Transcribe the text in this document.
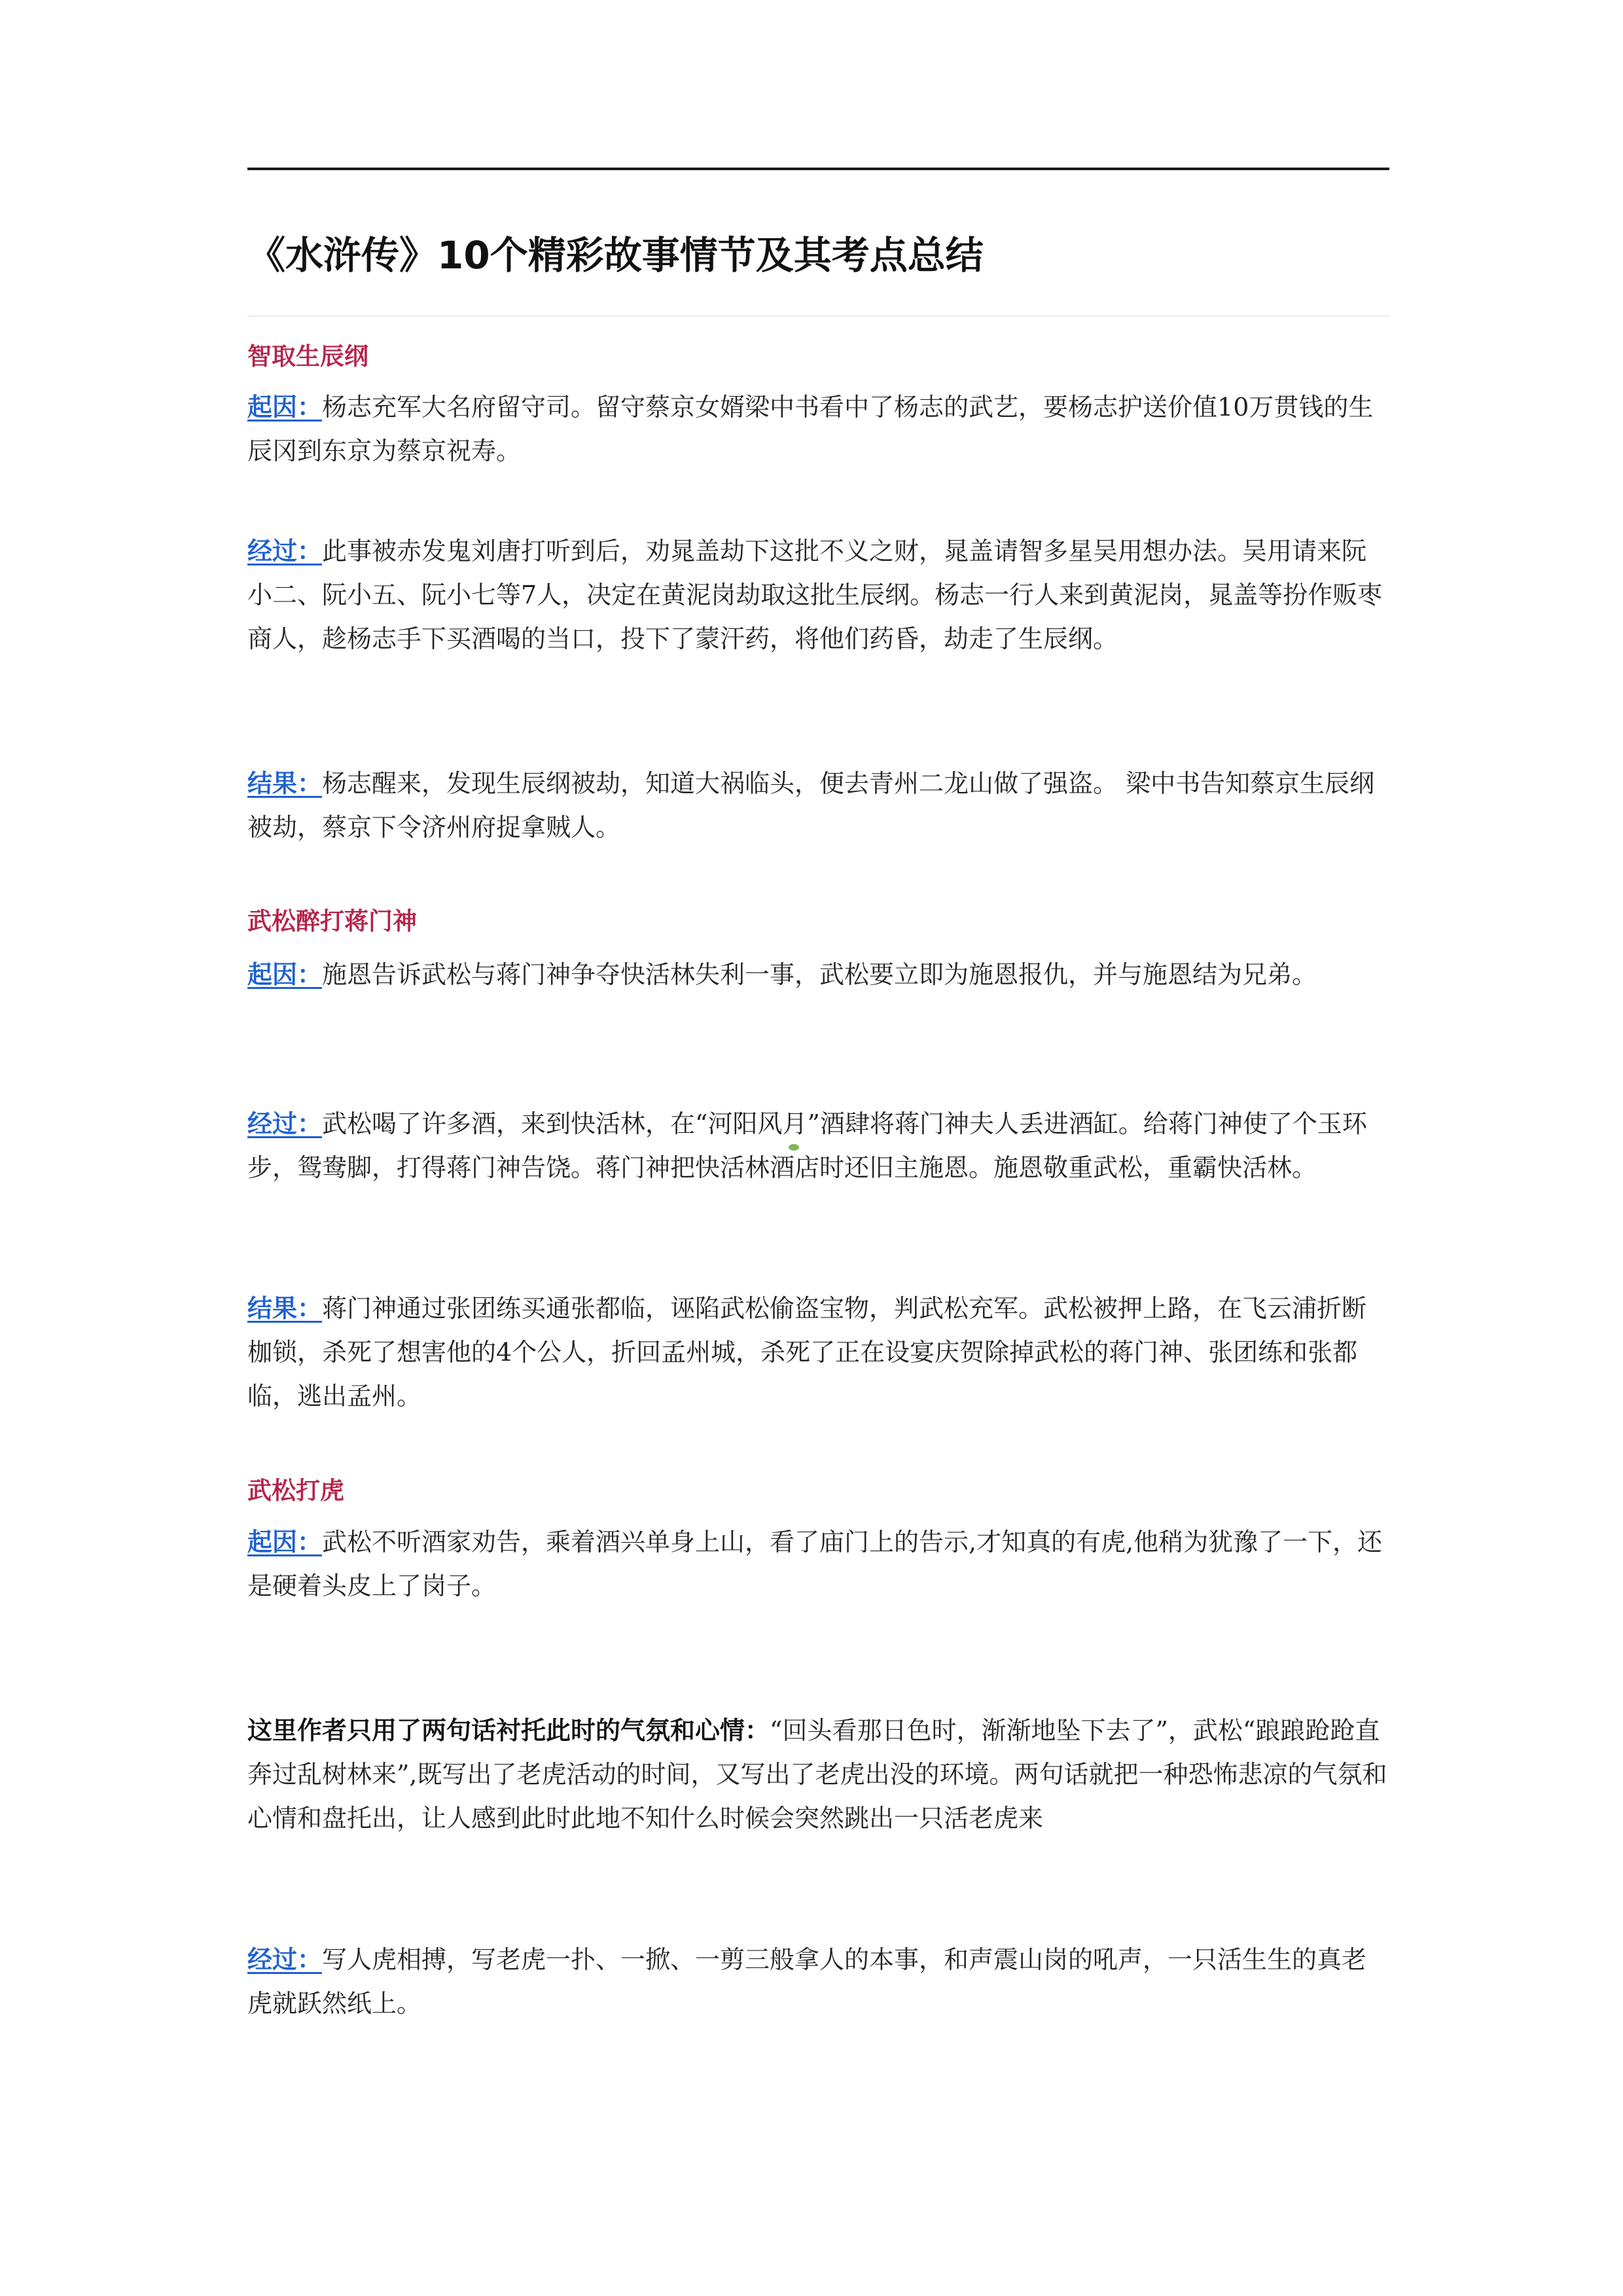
《水浒传》10个精彩故事情节及其考点总结
智取生辰纲

起因：杨志充军大名府留守司。留守蔡京女婿梁中书看中了杨志的武艺，要杨志护送价值10万贯钱的生辰冈到东京为蔡京祝寿。

经过：此事被赤发鬼刘唐打听到后，劝晁盖劫下这批不义之财，晁盖请智多星吴用想办法。吴用请来阮小二、阮小五、阮小七等7人，决定在黄泥岗劫取这批生辰纲。杨志一行人来到黄泥岗，晁盖等扮作贩枣商人，趁杨志手下买酒喝的当口，投下了蒙汗药，将他们药昏，劫走了生辰纲。

结果：杨志醒来，发现生辰纲被劫，知道大祸临头，便去青州二龙山做了强盗。 梁中书告知蔡京生辰纲被劫，蔡京下令济州府捉拿贼人。

武松醉打蒋门神

起因：施恩告诉武松与蒋门神争夺快活林失利一事，武松要立即为施恩报仇，并与施恩结为兄弟。

经过：武松喝了许多酒，来到快活林，在“河阳风月”酒肆将蒋门神夫人丢进酒缸。给蒋门神使了个玉环步，鸳鸯脚，打得蒋门神告饶。蒋门神把快活林酒店时还旧主施恩。施恩敬重武松，重霸快活林。

结果：蒋门神通过张团练买通张都临，诬陷武松偷盗宝物，判武松充军。武松被押上路，在飞云浦折断枷锁，杀死了想害他的4个公人，折回孟州城，杀死了正在设宴庆贺除掉武松的蒋门神、张团练和张都临，逃出孟州。

武松打虎

起因：武松不听酒家劝告，乘着酒兴单身上山，看了庙门上的告示,才知真的有虎,他稍为犹豫了一下，还是硬着头皮上了岗子。

这里作者只用了两句话衬托此时的气氛和心情：“回头看那日色时，渐渐地坠下去了”，武松“踉踉跄跄直奔过乱树林来”,既写出了老虎活动的时间，又写出了老虎出没的环境。两句话就把一种恐怖悲凉的气氛和心情和盘托出，让人感到此时此地不知什么时候会突然跳出一只活老虎来

经过：写人虎相搏，写老虎一扑、一掀、一剪三般拿人的本事，和声震山岗的吼声，一只活生生的真老虎就跃然纸上。
